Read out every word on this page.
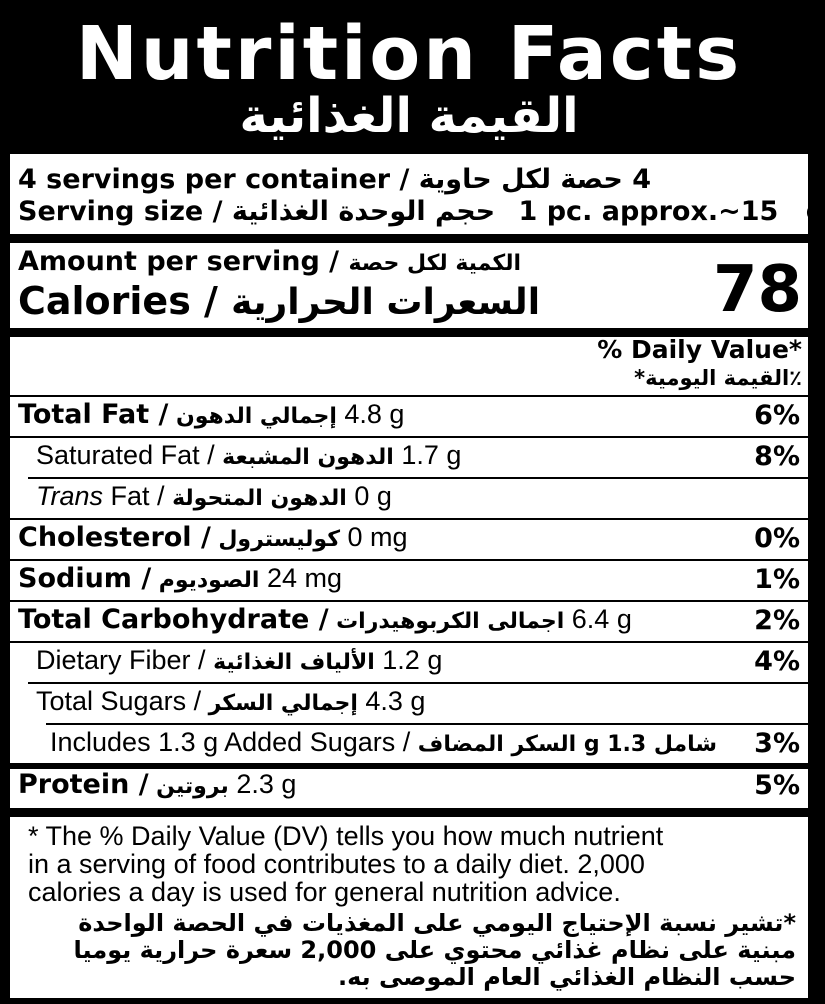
Nutrition Facts
القيمة الغذائية
4 servings per container / 4 حصة لكل حاوية
Serving size / حجم الوحدة الغذائية 1 pc. approx.~15 g
Amount per serving / الكمية لكل حصة
Calories / السعرات الحرارية	78
% Daily Value*
٪القيمة اليومية*
Total Fat / إجمالي الدهون 4.8 g	6%
Saturated Fat / الدهون المشبعة 1.7 g	8%
Trans Fat / الدهون المتحولة 0 g
Cholesterol / كوليسترول 0 mg	0%
Sodium / الصوديوم 24 mg	1%
Total Carbohydrate / اجمالى الكربوهيدرات 6.4 g	2%
Dietary Fiber / الألياف الغذائية 1.2 g	4%
Total Sugars / إجمالي السكر 4.3 g
Includes 1.3 g Added Sugars / شامل 1.3 g السكر المضاف 3%
Protein / بروتين 2.3 g	5%
* The % Daily Value (DV) tells you how much nutrient
in a serving of food contributes to a daily diet. 2,000
calories a day is used for general nutrition advice.
*تشير نسبة الإحتياج اليومي على المغذيات في الحصة الواحدة
مبنية على نظام غذائي محتوي على 2,000 سعرة حرارية يوميا
حسب النظام الغذائي العام الموصى به.
